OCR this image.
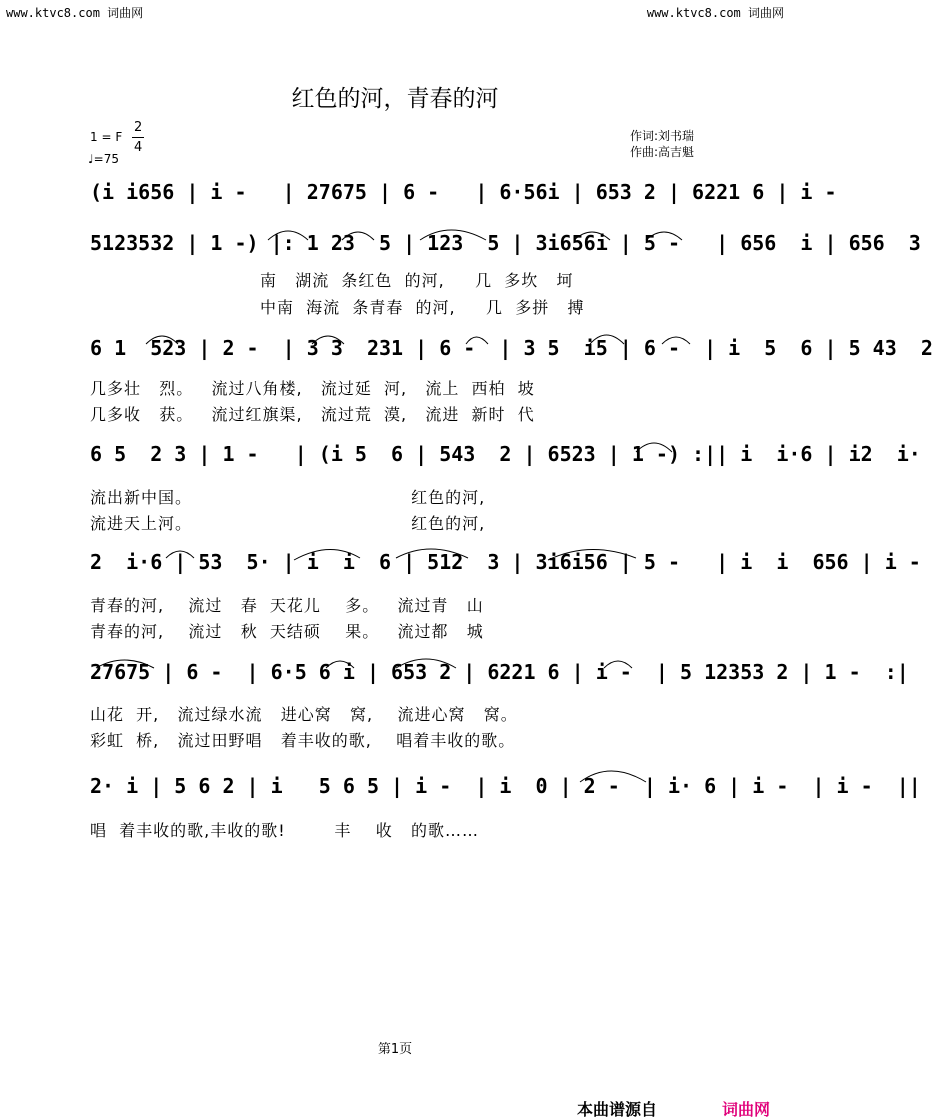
www.ktvc8.com 词曲网	www.ktvc8.com 词曲网
红色的河，青春的河
1 = F
2
4
♩=75
作词:刘书瑞
作曲:高吉魁
(i i656 | i -   | 27675 | 6 -   | 6·56i | 653 2 | 6221 6 | i -
5123532 | 1 -) |: 1 23  5 | 123  5 | 3i656i | 5 -   | 656  i | 656  3
南   湖流  条红色  的河,     几  多坎   坷
中南  海流  条青春  的河,     几  多拼   搏
6 1  523 | 2 -  | 3 3  231 | 6 -  | 3 5  i5 | 6 -  | i  5  6 | 5 43  2
几多壮   烈。   流过八角楼,   流过延  河,   流上  西柏  坡
几多收   获。   流过红旗渠,   流过荒  漠,   流进  新时  代
6 5  2 3 | 1 -   | (i 5  6 | 543  2 | 6523 | 1 -) :|| i  i·6 | i2  i·
流出新中国。                                    红色的河,
流进天上河。                                    红色的河,
2  i·6 | 53  5· | i  i  6 | 512  3 | 3i6i56 | 5 -   | i  i  656 | i -
青春的河,    流过   春  天花儿    多。   流过青   山
青春的河,    流过   秋  天结硕    果。   流过都   城
27675 | 6 -  | 6·5 6 i | 653 2 | 6221 6 | i -  | 5 12353 2 | 1 -  :|
山花  开,   流过绿水流   进心窝   窝,    流进心窝   窝。
彩虹  桥,   流过田野唱   着丰收的歌,    唱着丰收的歌。
2· i | 5 6 2 | i   5 6 5 | i -  | i  0 | 2 -  | i· 6 | i -  | i -  ||
唱  着丰收的歌,丰收的歌!        丰    收   的歌……
第1页
本曲谱源自	词曲网
